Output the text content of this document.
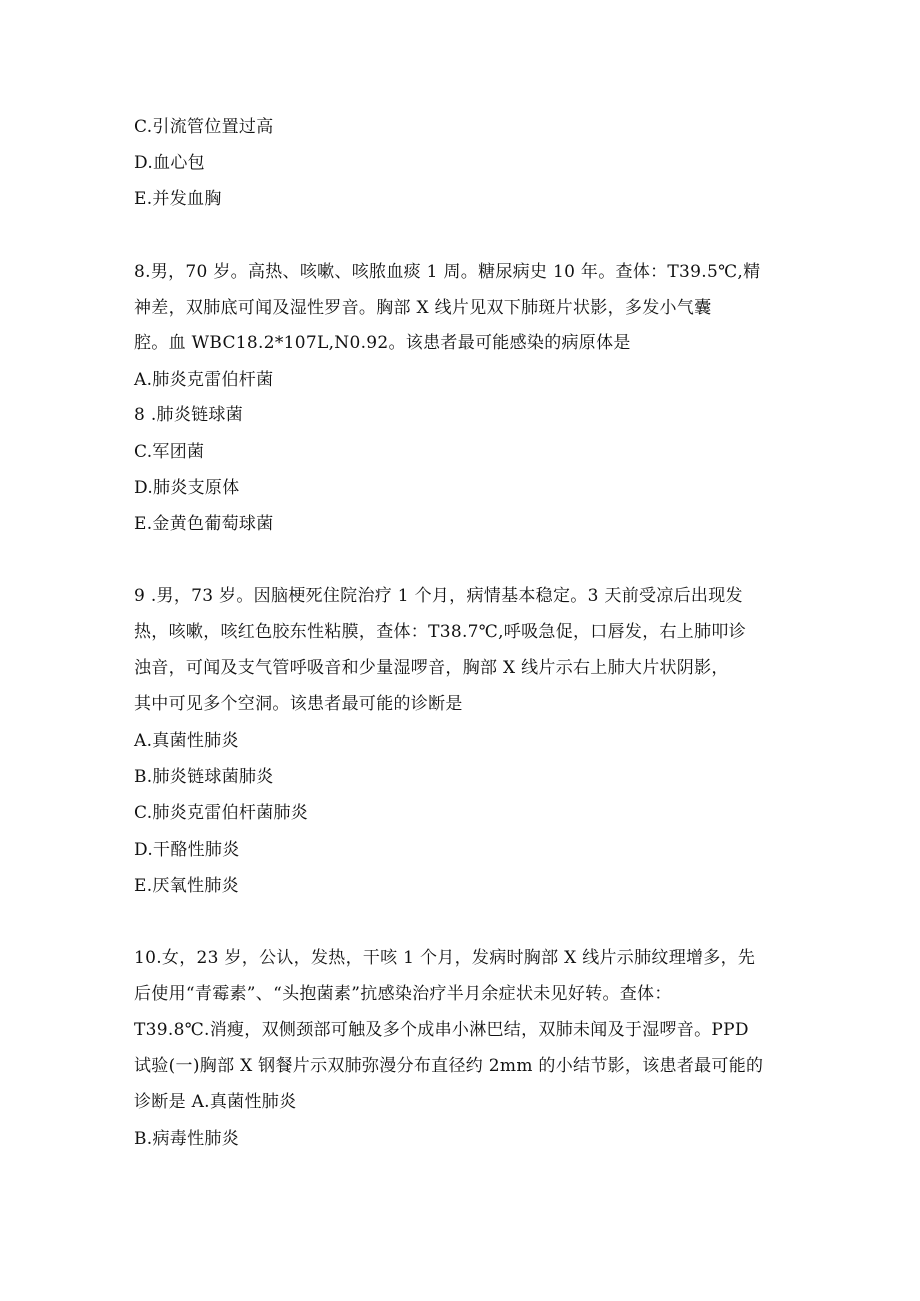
C.引流管位置过高
D.血心包
E.并发血胸
8.男，70 岁。高热、咳嗽、咳脓血痰 1 周。糖尿病史 10 年。查体：T39.5℃,精
神差，双肺底可闻及湿性罗音。胸部 X 线片见双下肺斑片状影，多发小气囊
腔。血 WBC18.2*107L,N0.92。该患者最可能感染的病原体是
A.肺炎克雷伯杆菌
8 .肺炎链球菌
C.军团菌
D.肺炎支原体
E.金黄色葡萄球菌
9 .男，73 岁。因脑梗死住院治疗 1 个月，病情基本稳定。3 天前受凉后出现发
热，咳嗽，咳红色胶东性粘膜，查体：T38.7℃,呼吸急促，口唇发，右上肺叩诊
浊音，可闻及支气管呼吸音和少量湿啰音，胸部 X 线片示右上肺大片状阴影，
其中可见多个空洞。该患者最可能的诊断是
A.真菌性肺炎
B.肺炎链球菌肺炎
C.肺炎克雷伯杆菌肺炎
D.干酪性肺炎
E.厌氧性肺炎
10.女，23 岁，公认，发热，干咳 1 个月，发病时胸部 X 线片示肺纹理增多，先
后使用“青霉素”、“头抱菌素”抗感染治疗半月余症状未见好转。查体：
T39.8℃.消瘦，双侧颈部可触及多个成串小淋巴结，双肺未闻及于湿啰音。PPD
试验(一)胸部 X 钢餐片示双肺弥漫分布直径约 2mm 的小结节影，该患者最可能的
诊断是 A.真菌性肺炎
B.病毒性肺炎
